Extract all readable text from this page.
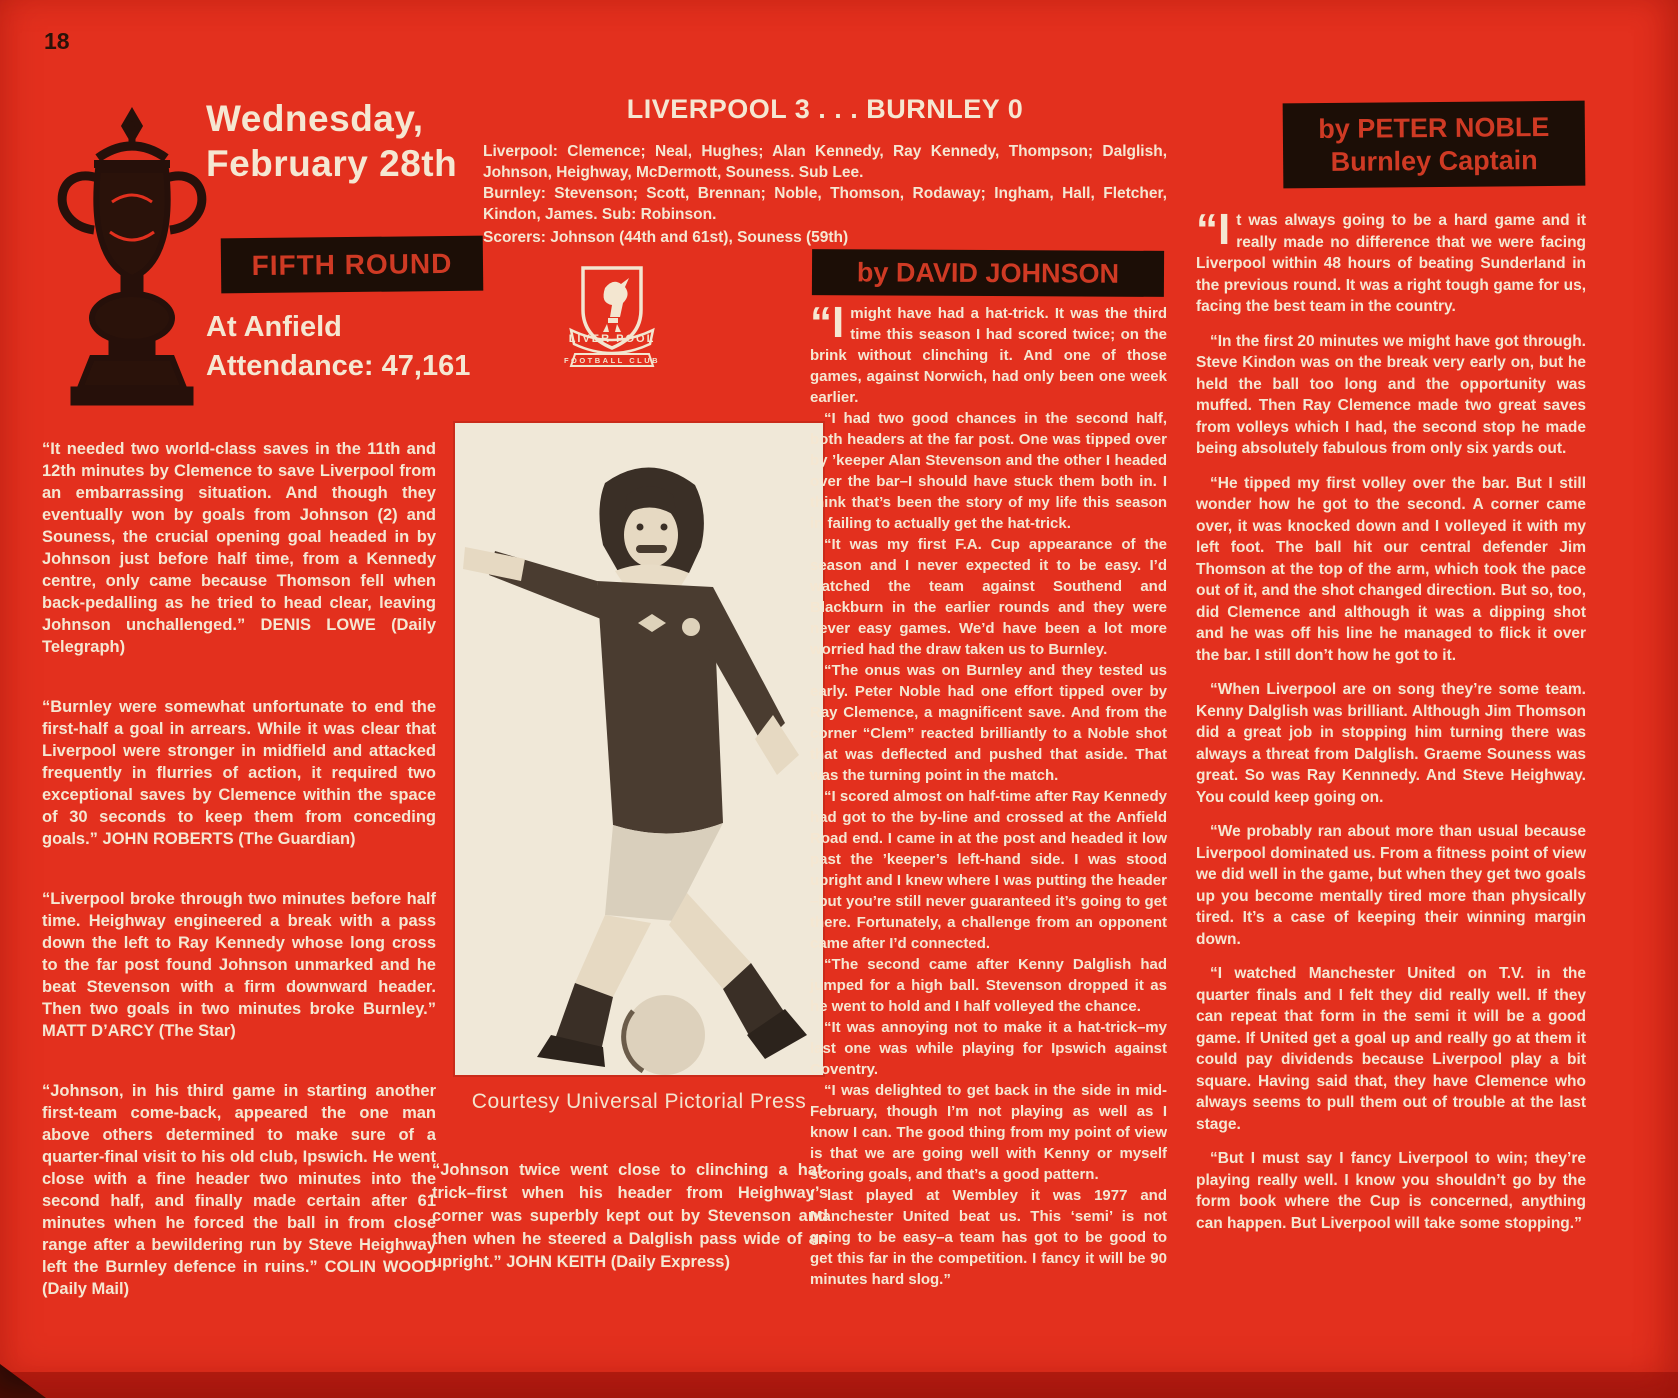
18
Wednesday,
February 28th
FIFTH ROUND
At Anfield
Attendance: 47,161

LIVERPOOL 3 . . . BURNLEY 0

Liverpool: Clemence; Neal, Hughes; Alan Kennedy, Ray Kennedy, Thompson; Dalglish, Johnson, Heighway, McDermott, Souness. Sub Lee.

Burnley: Stevenson; Scott, Brennan; Noble, Thomson, Rodaway; Ingham, Hall, Fletcher, Kindon, James. Sub: Robinson.

Scorers: Johnson (44th and 61st), Souness (59th)

LIVER POOL
FOOTBALL CLUB

“It needed two world-class saves in the 11th and 12th minutes by Clemence to save Liverpool from an embarrassing situation. And though they eventually won by goals from Johnson (2) and Souness, the crucial opening goal headed in by Johnson just before half time, from a Kennedy centre, only came because Thomson fell when back-pedalling as he tried to head clear, leaving Johnson unchallenged.” DENIS LOWE (Daily Telegraph)

“Burnley were somewhat unfortunate to end the first-half a goal in arrears. While it was clear that Liverpool were stronger in midfield and attacked frequently in flurries of action, it required two exceptional saves by Clemence within the space of 30 seconds to keep them from conceding goals.” JOHN ROBERTS (The Guardian)

“Liverpool broke through two minutes before half time. Heighway engineered a break with a pass down the left to Ray Kennedy whose long cross to the far post found Johnson unmarked and he beat Stevenson with a firm downward header. Then two goals in two minutes broke Burnley.” MATT D’ARCY (The Star)

“Johnson, in his third game in starting another first-team come-back, appeared the one man above others determined to make sure of a quarter-final visit to his old club, Ipswich. He went close with a fine header two minutes into the second half, and finally made certain after 61 minutes when he forced the ball in from close range after a bewildering run by Steve Heighway left the Burnley defence in ruins.” COLIN WOOD (Daily Mail)

Courtesy Universal Pictorial Press

“Johnson twice went close to clinching a hat-trick–first when his header from Heighway’s corner was superbly kept out by Stevenson and then when he steered a Dalglish pass wide of an upright.” JOHN KEITH (Daily Express)

by DAVID JOHNSON

“I might have had a hat-trick. It was the third time this season I had scored twice; on the brink without clinching it. And one of those games, against Norwich, had only been one week earlier.

“I had two good chances in the second half, both headers at the far post. One was tipped over by ’keeper Alan Stevenson and the other I headed over the bar–I should have stuck them both in. I think that’s been the story of my life this season in failing to actually get the hat-trick.

“It was my first F.A. Cup appearance of the season and I never expected it to be easy. I’d watched the team against Southend and Blackburn in the earlier rounds and they were never easy games. We’d have been a lot more worried had the draw taken us to Burnley.

“The onus was on Burnley and they tested us early. Peter Noble had one effort tipped over by Ray Clemence, a magnificent save. And from the corner “Clem” reacted brilliantly to a Noble shot that was deflected and pushed that aside. That was the turning point in the match.

“I scored almost on half-time after Ray Kennedy had got to the by-line and crossed at the Anfield Road end. I came in at the post and headed it low past the ’keeper’s left-hand side. I was stood upright and I knew where I was putting the header –but you’re still never guaranteed it’s going to get there. Fortunately, a challenge from an opponent came after I’d connected.

“The second came after Kenny Dalglish had jumped for a high ball. Stevenson dropped it as he went to hold and I half volleyed the chance.

“It was annoying not to make it a hat-trick–my last one was while playing for Ipswich against Coventry.

“I was delighted to get back in the side in mid-February, though I’m not playing as well as I know I can. The good thing from my point of view is that we are going well with Kenny or myself scoring goals, and that’s a good pattern.

I last played at Wembley it was 1977 and Manchester United beat us. This ‘semi’ is not going to be easy–a team has got to be good to get this far in the competition. I fancy it will be 90 minutes hard slog.”

by PETER NOBLE
Burnley Captain

“It was always going to be a hard game and it really made no difference that we were facing Liverpool within 48 hours of beating Sunderland in the previous round. It was a right tough game for us, facing the best team in the country.

“In the first 20 minutes we might have got through. Steve Kindon was on the break very early on, but he held the ball too long and the opportunity was muffed. Then Ray Clemence made two great saves from volleys which I had, the second stop he made being absolutely fabulous from only six yards out.

“He tipped my first volley over the bar. But I still wonder how he got to the second. A corner came over, it was knocked down and I volleyed it with my left foot. The ball hit our central defender Jim Thomson at the top of the arm, which took the pace out of it, and the shot changed direction. But so, too, did Clemence and although it was a dipping shot and he was off his line he managed to flick it over the bar. I still don’t how he got to it.

“When Liverpool are on song they’re some team. Kenny Dalglish was brilliant. Although Jim Thomson did a great job in stopping him turning there was always a threat from Dalglish. Graeme Souness was great. So was Ray Kennnedy. And Steve Heighway. You could keep going on.

“We probably ran about more than usual because Liverpool dominated us. From a fitness point of view we did well in the game, but when they get two goals up you become mentally tired more than physically tired. It’s a case of keeping their winning margin down.

“I watched Manchester United on T.V. in the quarter finals and I felt they did really well. If they can repeat that form in the semi it will be a good game. If United get a goal up and really go at them it could pay dividends because Liverpool play a bit square. Having said that, they have Clemence who always seems to pull them out of trouble at the last stage.

“But I must say I fancy Liverpool to win; they’re playing really well. I know you shouldn’t go by the form book where the Cup is concerned, anything can happen. But Liverpool will take some stopping.”
